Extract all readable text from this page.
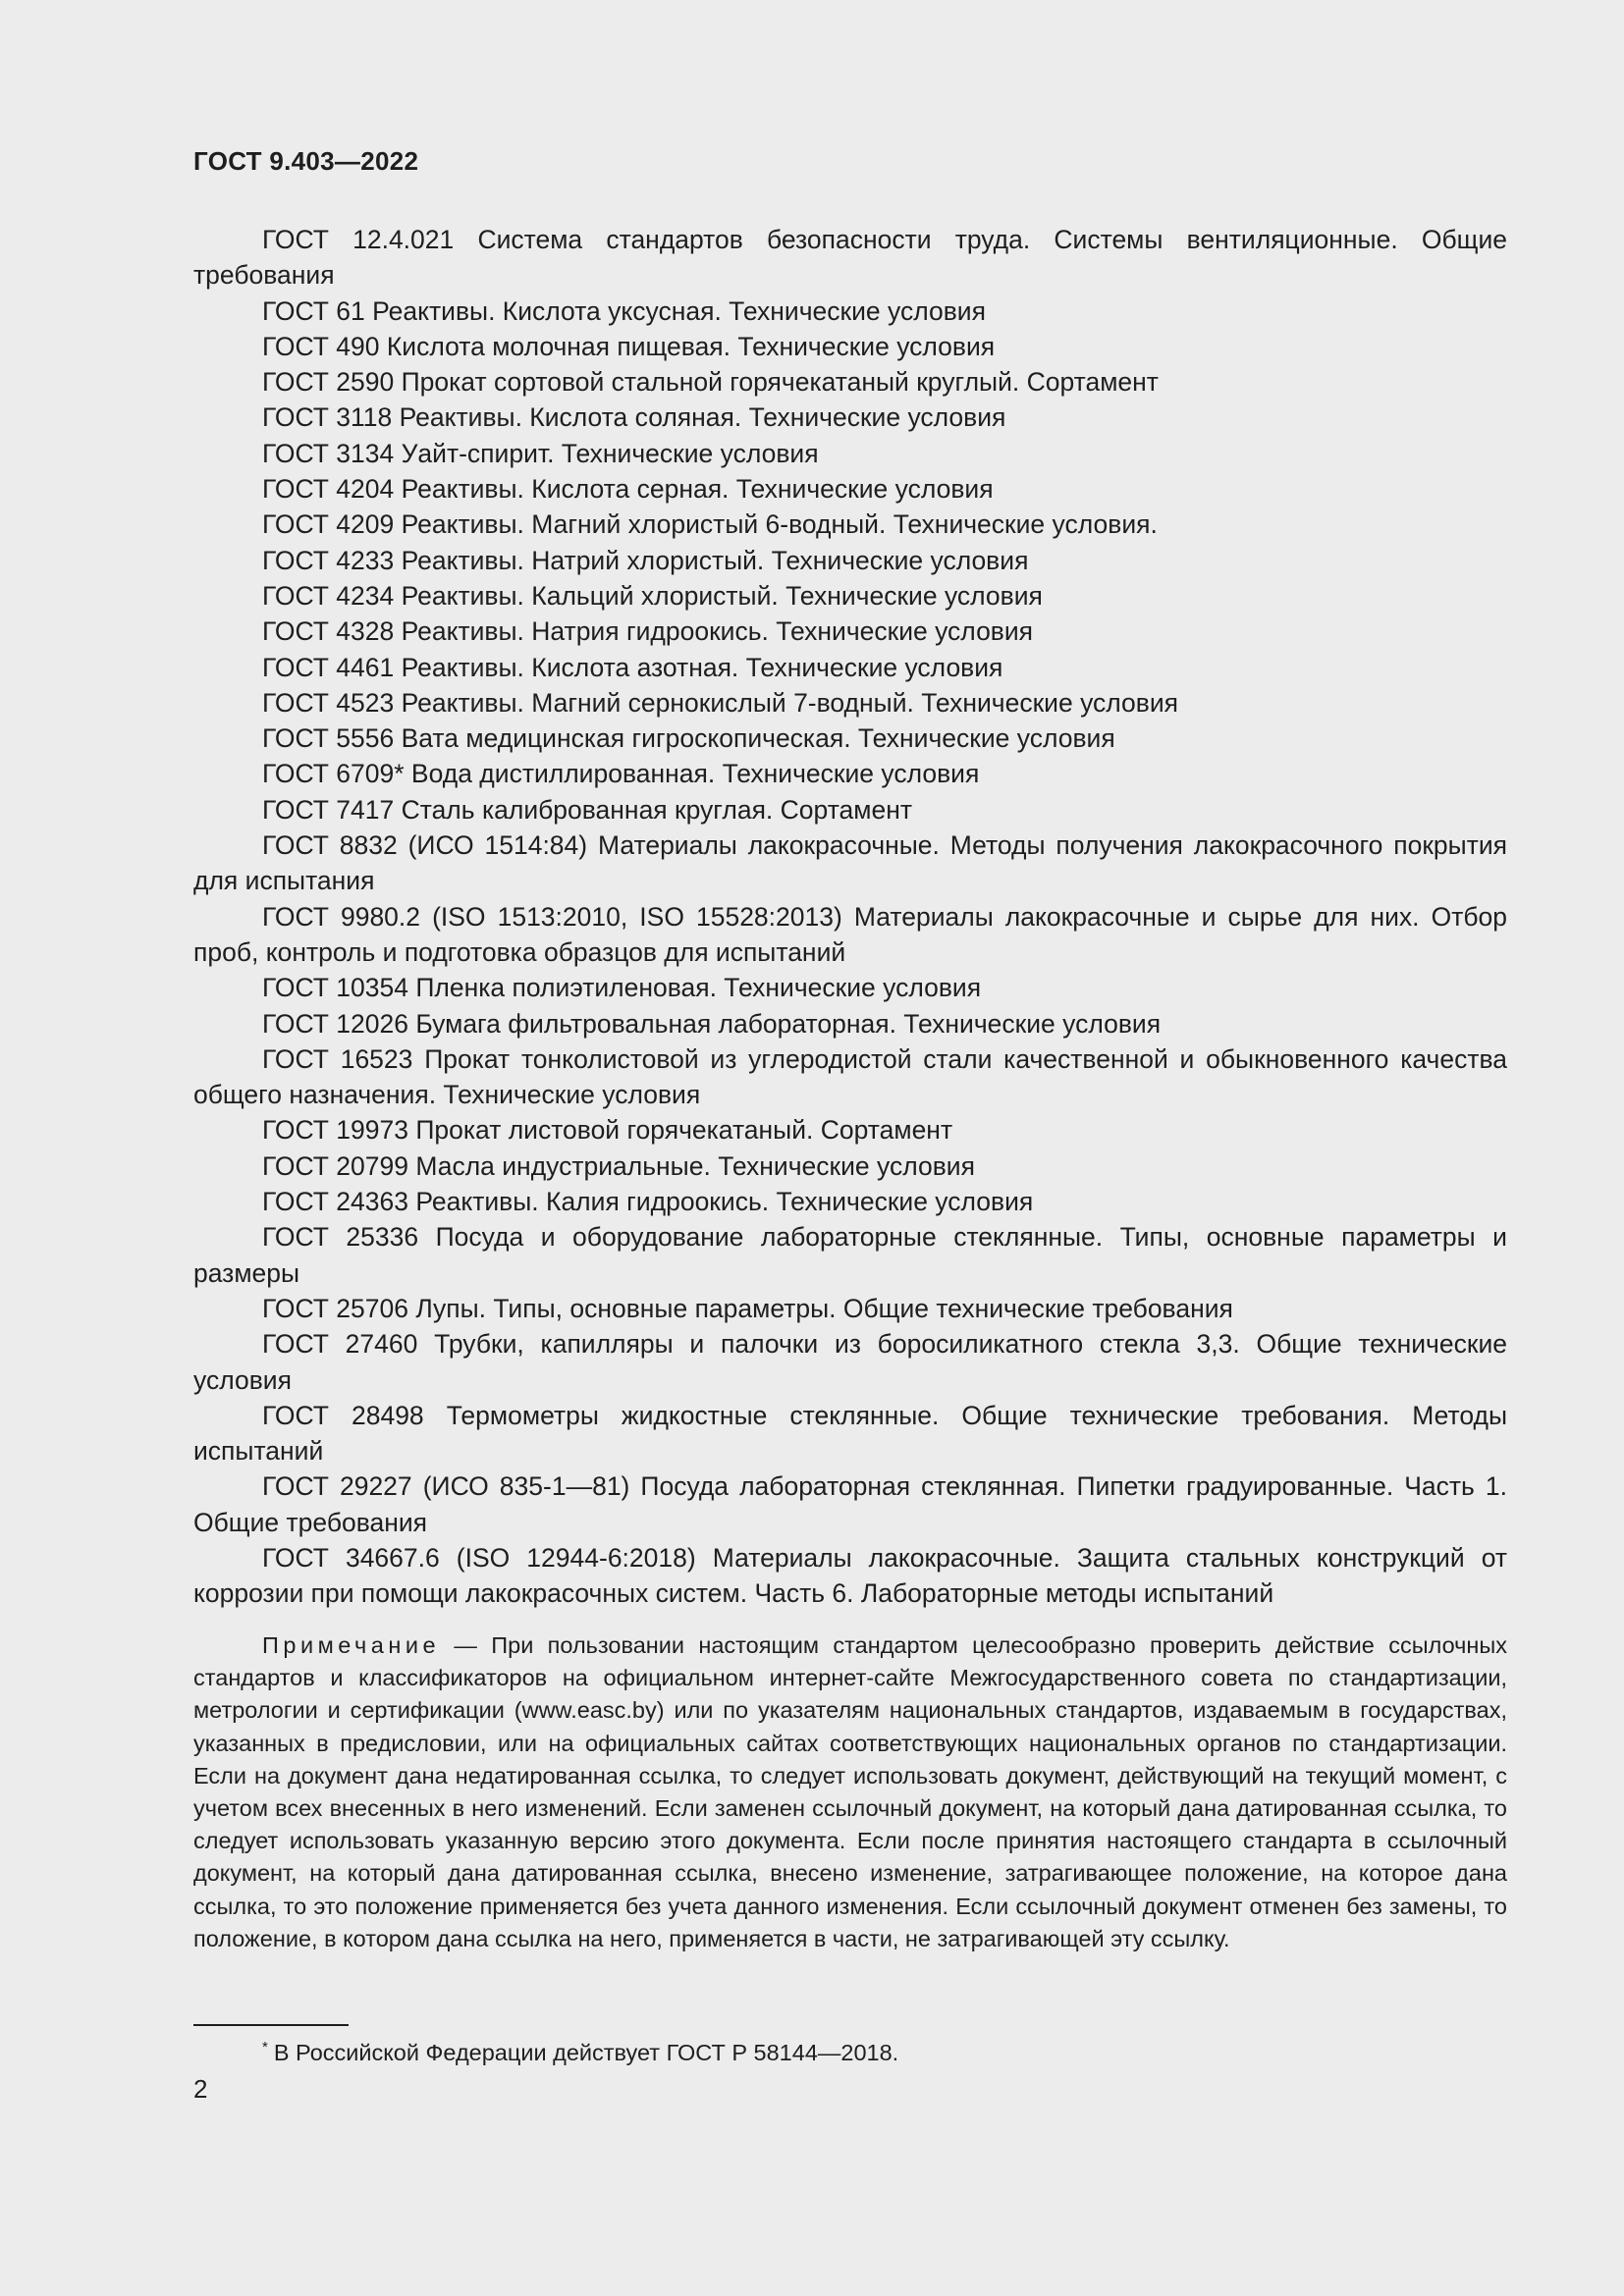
ГОСТ 9.403—2022

ГОСТ 12.4.021 Система стандартов безопасности труда. Системы вентиляционные. Общие требования

ГОСТ 61 Реактивы. Кислота уксусная. Технические условия

ГОСТ 490 Кислота молочная пищевая. Технические условия

ГОСТ 2590 Прокат сортовой стальной горячекатаный круглый. Сортамент

ГОСТ 3118 Реактивы. Кислота соляная. Технические условия

ГОСТ 3134 Уайт-спирит. Технические условия

ГОСТ 4204 Реактивы. Кислота серная. Технические условия

ГОСТ 4209 Реактивы. Магний хлористый 6-водный. Технические условия.

ГОСТ 4233 Реактивы. Натрий хлористый. Технические условия

ГОСТ 4234 Реактивы. Кальций хлористый. Технические условия

ГОСТ 4328 Реактивы. Натрия гидроокись. Технические условия

ГОСТ 4461 Реактивы. Кислота азотная. Технические условия

ГОСТ 4523 Реактивы. Магний сернокислый 7-водный. Технические условия

ГОСТ 5556 Вата медицинская гигроскопическая. Технические условия

ГОСТ 6709* Вода дистиллированная. Технические условия

ГОСТ 7417 Сталь калиброванная круглая. Сортамент

ГОСТ 8832 (ИСО 1514:84) Материалы лакокрасочные. Методы получения лакокрасочного покрытия для испытания

ГОСТ 9980.2 (ISO 1513:2010, ISO 15528:2013) Материалы лакокрасочные и сырье для них. Отбор проб, контроль и подготовка образцов для испытаний

ГОСТ 10354 Пленка полиэтиленовая. Технические условия

ГОСТ 12026 Бумага фильтровальная лабораторная. Технические условия

ГОСТ 16523 Прокат тонколистовой из углеродистой стали качественной и обыкновенного качества общего назначения. Технические условия

ГОСТ 19973 Прокат листовой горячекатаный. Сортамент

ГОСТ 20799 Масла индустриальные. Технические условия

ГОСТ 24363 Реактивы. Калия гидроокись. Технические условия

ГОСТ 25336 Посуда и оборудование лабораторные стеклянные. Типы, основные параметры и размеры

ГОСТ 25706 Лупы. Типы, основные параметры. Общие технические требования

ГОСТ 27460 Трубки, капилляры и палочки из боросиликатного стекла 3,3. Общие технические условия

ГОСТ 28498 Термометры жидкостные стеклянные. Общие технические требования. Методы испытаний

ГОСТ 29227 (ИСО 835-1—81) Посуда лабораторная стеклянная. Пипетки градуированные. Часть 1. Общие требования

ГОСТ 34667.6 (ISO 12944-6:2018) Материалы лакокрасочные. Защита стальных конструкций от коррозии при помощи лакокрасочных систем. Часть 6. Лабораторные методы испытаний

Примечание — При пользовании настоящим стандартом целесообразно проверить действие ссылочных стандартов и классификаторов на официальном интернет-сайте Межгосударственного совета по стандартизации, метрологии и сертификации (www.easc.by) или по указателям национальных стандартов, издаваемым в государствах, указанных в предисловии, или на официальных сайтах соответствующих национальных органов по стандартизации. Если на документ дана недатированная ссылка, то следует использовать документ, действующий на текущий момент, с учетом всех внесенных в него изменений. Если заменен ссылочный документ, на который дана датированная ссылка, то следует использовать указанную версию этого документа. Если после принятия настоящего стандарта в ссылочный документ, на который дана датированная ссылка, внесено изменение, затрагивающее положение, на которое дана ссылка, то это положение применяется без учета данного изменения. Если ссылочный документ отменен без замены, то положение, в котором дана ссылка на него, применяется в части, не затрагивающей эту ссылку.

* В Российской Федерации действует ГОСТ Р 58144—2018.
2
